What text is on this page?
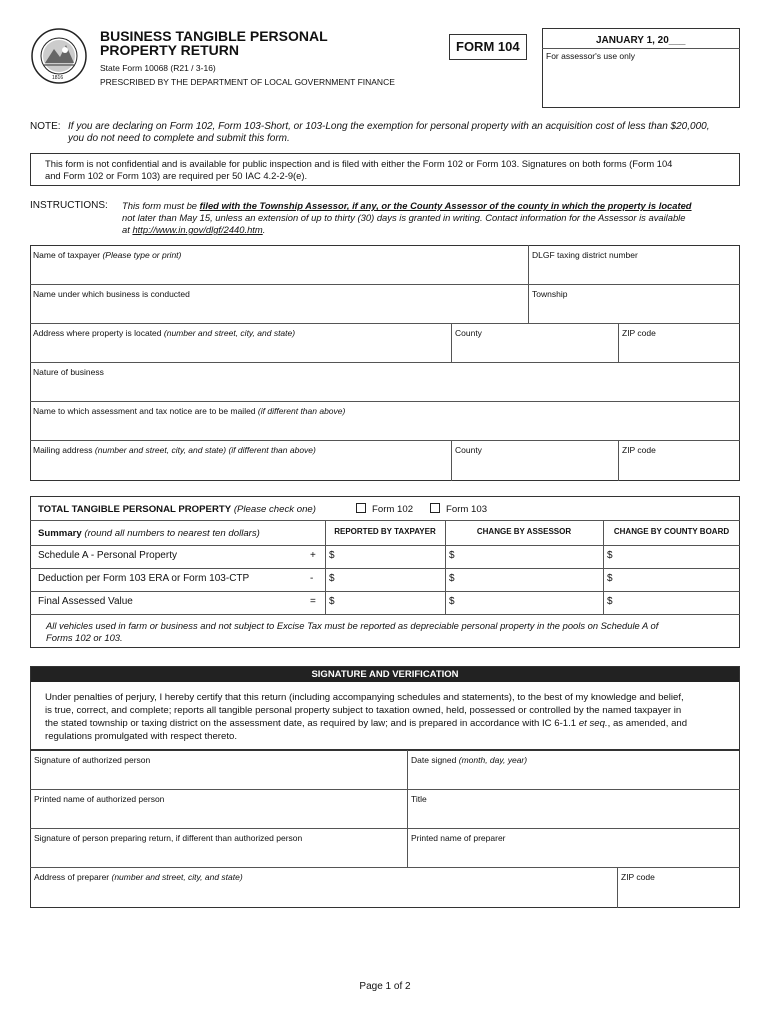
1816
BUSINESS TANGIBLE PERSONAL
PROPERTY RETURN
State Form 10068 (R21 / 3-16)
PRESCRIBED BY THE DEPARTMENT OF LOCAL GOVERNMENT FINANCE
FORM 104	JANUARY 1, 20___
For assessor's use only
NOTE: If you are declaring on Form 102, Form 103-Short, or 103-Long the exemption for personal property with an acquisition cost of less than $20,000,
you do not need to complete and submit this form.
This form is not confidential and is available for public inspection and is filed with either the Form 102 or Form 103. Signatures on both forms (Form 104
and Form 102 or Form 103) are required per 50 IAC 4.2-2-9(e).
INSTRUCTIONS: This form must be filed with the Township Assessor, if any, or the County Assessor of the county in which the property is located
not later than May 15, unless an extension of up to thirty (30) days is granted in writing. Contact information for the Assessor is available
at http://www.in.gov/dlgf/2440.htm.
Name of taxpayer (Please type or print)	DLGF taxing district number
Name under which business is conducted	Township
Address where property is located (number and street, city, and state)	County	ZIP code
Nature of business
Name to which assessment and tax notice are to be mailed (if different than above)
Mailing address (number and street, city, and state) (if different than above)	County	ZIP code
TOTAL TANGIBLE PERSONAL PROPERTY (Please check one)	Form 102	Form 103
Summary (round all numbers to nearest ten dollars)	REPORTED BY TAXPAYER	CHANGE BY ASSESSOR	CHANGE BY COUNTY BOARD
Schedule A - Personal Property	+ $	$	$
Deduction per Form 103 ERA or Form 103-CTP	- $	$	$
Final Assessed Value	= $	$	$
All vehicles used in farm or business and not subject to Excise Tax must be reported as depreciable personal property in the pools on Schedule A of
Forms 102 or 103.
SIGNATURE AND VERIFICATION
Under penalties of perjury, I hereby certify that this return (including accompanying schedules and statements), to the best of my knowledge and belief,
is true, correct, and complete; reports all tangible personal property subject to taxation owned, held, possessed or controlled by the named taxpayer in
the stated township or taxing district on the assessment date, as required by law; and is prepared in accordance with IC 6-1.1 et seq., as amended, and
regulations promulgated with respect thereto.
Signature of authorized person	Date signed (month, day, year)
Printed name of authorized person	Title
Signature of person preparing return, if different than authorized person	Printed name of preparer
Address of preparer (number and street, city, and state)	ZIP code
Page 1 of 2
